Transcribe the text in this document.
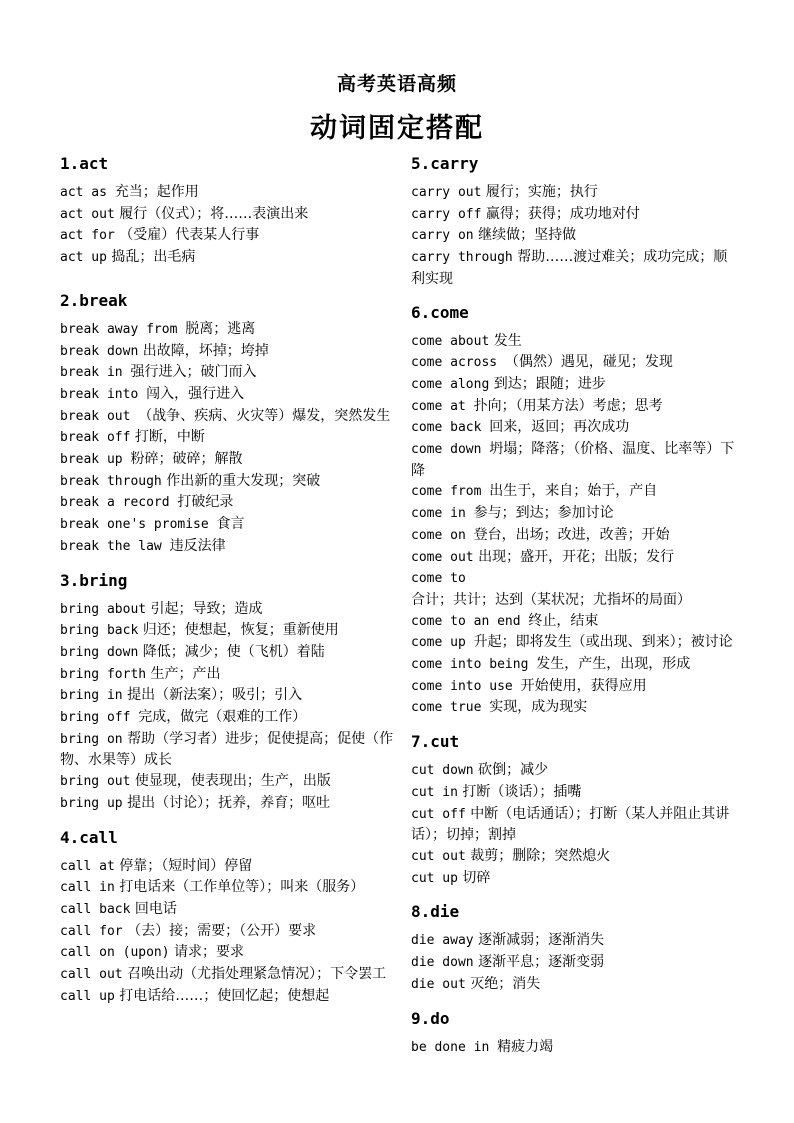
高考英语高频
动词固定搭配
1.act
act as 充当；起作用
act out 履行（仪式）；将……表演出来
act for （受雇）代表某人行事
act up 捣乱；出毛病
2.break
break away from 脱离；逃离
break down 出故障，坏掉；垮掉
break in 强行进入；破门而入
break into 闯入，强行进入
break out （战争、疾病、火灾等）爆发，突然发生
break off 打断，中断
break up 粉碎；破碎；解散
break through 作出新的重大发现；突破
break a record 打破纪录
break one's promise 食言
break the law 违反法律
3.bring
bring about 引起；导致；造成
bring back 归还；使想起，恢复；重新使用
bring down 降低；减少；使（飞机）着陆
bring forth 生产；产出
bring in 提出（新法案）；吸引；引入
bring off 完成，做完（艰难的工作）
bring on 帮助（学习者）进步；促使提高；促使（作物、水果等）成长
bring out 使显现，使表现出；生产，出版
bring up 提出（讨论）；抚养，养育；呕吐
4.call
call at 停靠；（短时间）停留
call in 打电话来（工作单位等）；叫来（服务）
call back 回电话
call for （去）接；需要；（公开）要求
call on (upon) 请求；要求
call out 召唤出动（尤指处理紧急情况）；下令罢工
call up 打电话给……；使回忆起；使想起
5.carry
carry out 履行；实施；执行
carry off 赢得；获得；成功地对付
carry on 继续做；坚持做
carry through 帮助……渡过难关；成功完成；顺利实现
6.come
come about 发生
come across （偶然）遇见，碰见；发现
come along 到达；跟随；进步
come at 扑向；（用某方法）考虑；思考
come back 回来，返回；再次成功
come down 坍塌；降落；（价格、温度、比率等）下降
come from 出生于，来自；始于，产自
come in 参与；到达；参加讨论
come on 登台，出场；改进，改善；开始
come out 出现；盛开，开花；出版；发行
come to合计；共计；达到（某状况；尤指坏的局面）
come to an end 终止，结束
come up 升起；即将发生（或出现、到来）；被讨论
come into being 发生，产生，出现，形成
come into use 开始使用，获得应用
come true 实现，成为现实
7.cut
cut down 砍倒；减少
cut in 打断（谈话）；插嘴
cut off 中断（电话通话）；打断（某人并阻止其讲话）；切掉；割掉
cut out 裁剪；删除；突然熄火
cut up 切碎
8.die
die away 逐渐减弱；逐渐消失
die down 逐渐平息；逐渐变弱
die out 灭绝；消失
9.do
be done in 精疲力竭
